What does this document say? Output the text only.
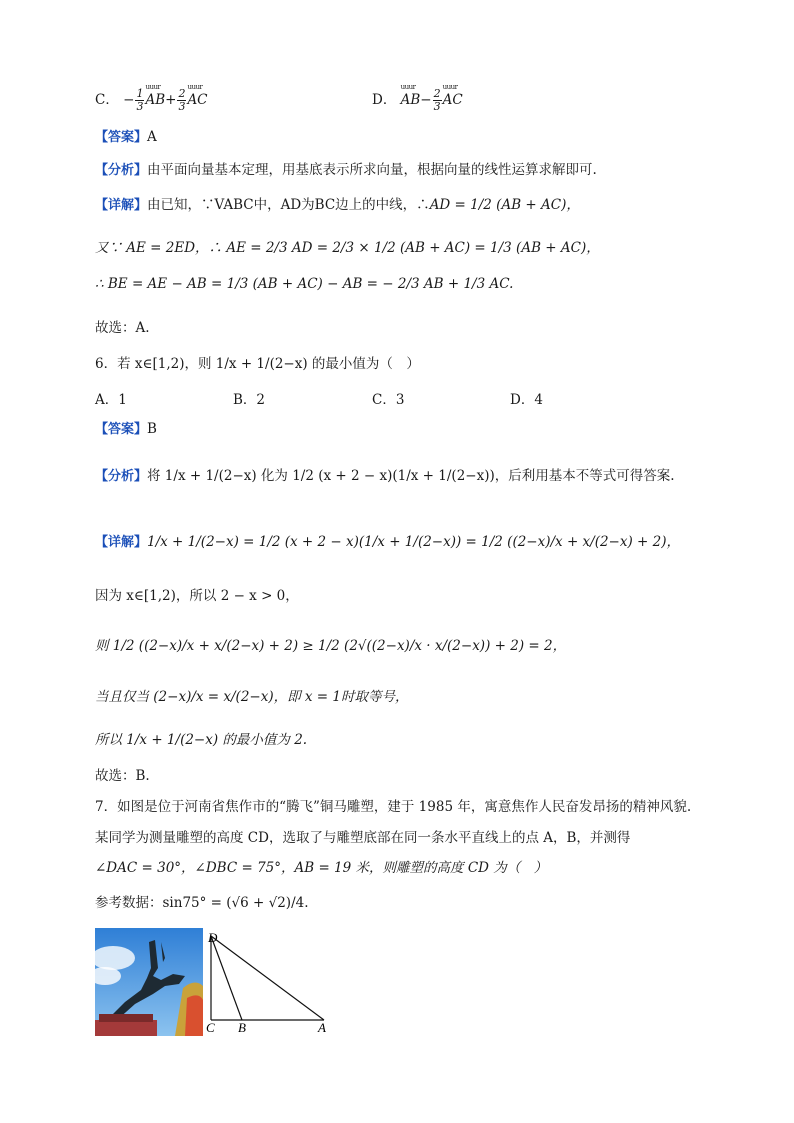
C． − $\frac{1}{3}$ uuur $AB+ \frac{2}{3}$ uuur AC	D． uuur $AB- \frac{2}{3}$ uuur AC
【答案】A
【分析】由平面向量基本定理，用基底表示所求向量，根据向量的线性运算求解即可.
【详解】由已知，∵VABC中，AD为BC边上的中线，∴AD = 1/2 (AB + AC)，
又∵ AE = 2ED，∴ AE = 2/3 AD = 2/3 × 1/2 (AB + AC) = 1/3 (AB + AC)，
∴ BE = AE − AB = 1/3 (AB + AC) − AB = − 2/3 AB + 1/3 AC.
故选：A.
6．若 x∈[1,2)，则 1/x + 1/(2−x) 的最小值为（　）
A．1	B．2	C．3	D．4
【答案】B
【分析】将 1/x + 1/(2−x) 化为 1/2 (x + 2 − x)(1/x + 1/(2−x))，后利用基本不等式可得答案.
【详解】1/x + 1/(2−x) = 1/2 (x + 2 − x)(1/x + 1/(2−x)) = 1/2 ((2−x)/x + x/(2−x) + 2)，
因为 x∈[1,2)，所以 2 − x > 0，
则 1/2 ((2−x)/x + x/(2−x) + 2) ≥ 1/2 (2√((2−x)/x · x/(2−x)) + 2) = 2，
当且仅当 (2−x)/x = x/(2−x)，即 x = 1时取等号，
所以 1/x + 1/(2−x) 的最小值为 2.
故选：B.
7．如图是位于河南省焦作市的“腾飞”铜马雕塑，建于 1985 年，寓意焦作人民奋发昂扬的精神风貌.
某同学为测量雕塑的高度 CD，选取了与雕塑底部在同一条水平直线上的点 A，B，并测得
∠DAC = 30°，∠DBC = 75°，AB = 19 米，则雕塑的高度 CD 为（　）
参考数据：sin75° = (√6 + √2)/4.
D
C B	A
